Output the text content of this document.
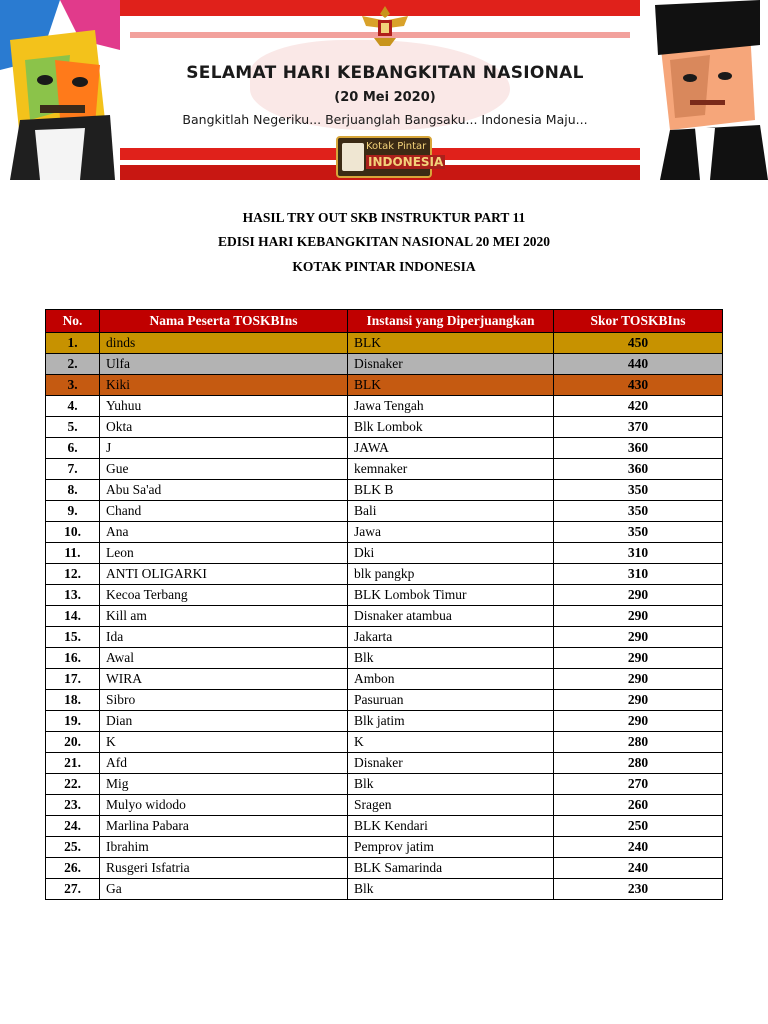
SELAMAT HARI KEBANGKITAN NASIONAL
(20 Mei 2020)
Bangkitlah Negeriku... Berjuanglah Bangsaku... Indonesia Maju...
Kotak Pintar
INDONESIA
HASIL TRY OUT SKB INSTRUKTUR PART 11
EDISI HARI KEBANGKITAN NASIONAL 20 MEI 2020
KOTAK PINTAR INDONESIA
No.	Nama Peserta TOSKBIns	Instansi yang Diperjuangkan	Skor TOSKBIns
1.	dinds	BLK	450
2.	Ulfa	Disnaker	440
3.	Kiki	BLK	430
4.	Yuhuu	Jawa Tengah	420
5.	Okta	Blk Lombok	370
6.	J	JAWA	360
7.	Gue	kemnaker	360
8.	Abu Sa'ad	BLK B	350
9.	Chand	Bali	350
10.	Ana	Jawa	350
11.	Leon	Dki	310
12.	ANTI OLIGARKI	blk pangkp	310
13.	Kecoa Terbang	BLK Lombok Timur	290
14.	Kill am	Disnaker atambua	290
15.	Ida	Jakarta	290
16.	Awal	Blk	290
17.	WIRA	Ambon	290
18.	Sibro	Pasuruan	290
19.	Dian	Blk jatim	290
20.	K	K	280
21.	Afd	Disnaker	280
22.	Mig	Blk	270
23.	Mulyo widodo	Sragen	260
24.	Marlina Pabara	BLK Kendari	250
25.	Ibrahim	Pemprov jatim	240
26.	Rusgeri Isfatria	BLK Samarinda	240
27.	Ga	Blk	230
